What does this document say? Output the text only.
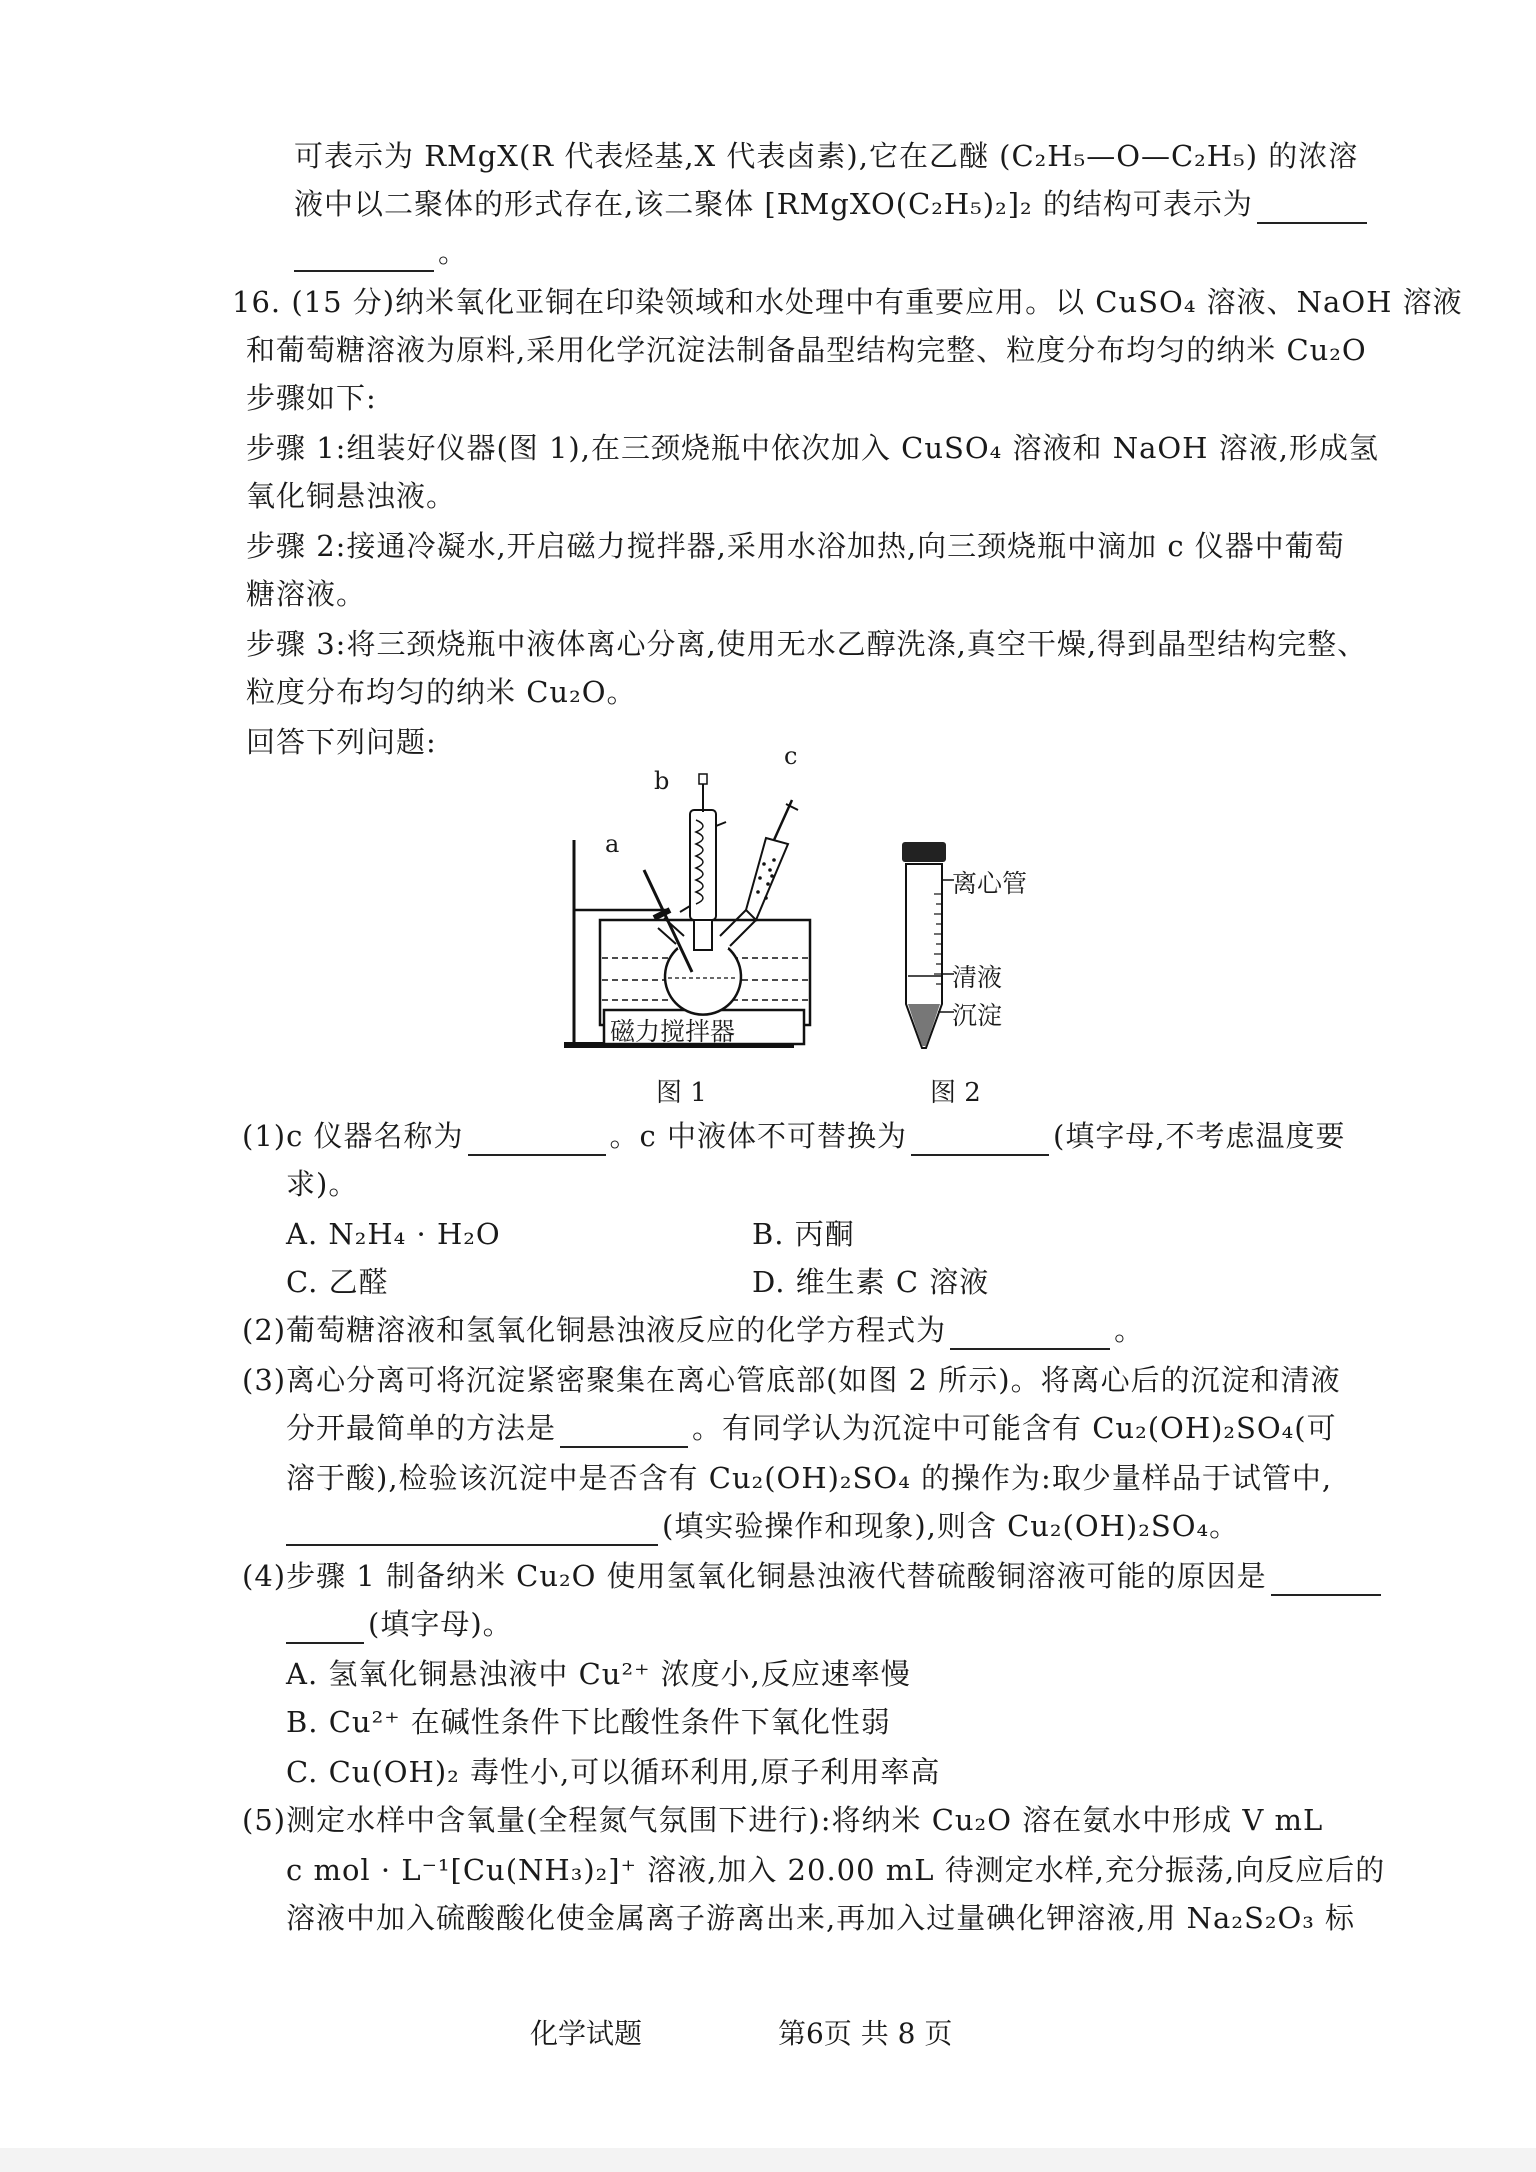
可表示为 RMgX(R 代表烃基,X 代表卤素),它在乙醚 (C₂H₅—O—C₂H₅) 的浓溶
液中以二聚体的形式存在,该二聚体 [RMgXO(C₂H₅)₂]₂ 的结构可表示为
。
16. (15 分)纳米氧化亚铜在印染领域和水处理中有重要应用。以 CuSO₄ 溶液、NaOH 溶液
和葡萄糖溶液为原料,采用化学沉淀法制备晶型结构完整、粒度分布均匀的纳米 Cu₂O
步骤如下:
步骤 1:组装好仪器(图 1),在三颈烧瓶中依次加入 CuSO₄ 溶液和 NaOH 溶液,形成氢
氧化铜悬浊液。
步骤 2:接通冷凝水,开启磁力搅拌器,采用水浴加热,向三颈烧瓶中滴加 c 仪器中葡萄
糖溶液。
步骤 3:将三颈烧瓶中液体离心分离,使用无水乙醇洗涤,真空干燥,得到晶型结构完整、
粒度分布均匀的纳米 Cu₂O。
回答下列问题:
b
c
a
磁力搅拌器
图 1
离心管
清液
沉淀
图 2
(1)c 仪器名称为	。c 中液体不可替换为	(填字母,不考虑温度要
求)。
A. N₂H₄ · H₂O	B. 丙酮
C. 乙醛	D. 维生素 C 溶液
(2)葡萄糖溶液和氢氧化铜悬浊液反应的化学方程式为	。
(3)离心分离可将沉淀紧密聚集在离心管底部(如图 2 所示)。将离心后的沉淀和清液
分开最简单的方法是	。有同学认为沉淀中可能含有 Cu₂(OH)₂SO₄(可
溶于酸),检验该沉淀中是否含有 Cu₂(OH)₂SO₄ 的操作为:取少量样品于试管中,
(填实验操作和现象),则含 Cu₂(OH)₂SO₄。
(4)步骤 1 制备纳米 Cu₂O 使用氢氧化铜悬浊液代替硫酸铜溶液可能的原因是
(填字母)。
A. 氢氧化铜悬浊液中 Cu²⁺ 浓度小,反应速率慢
B. Cu²⁺ 在碱性条件下比酸性条件下氧化性弱
C. Cu(OH)₂ 毒性小,可以循环利用,原子利用率高
(5)测定水样中含氧量(全程氮气氛围下进行):将纳米 Cu₂O 溶在氨水中形成 V mL
c mol · L⁻¹[Cu(NH₃)₂]⁺ 溶液,加入 20.00 mL 待测定水样,充分振荡,向反应后的
溶液中加入硫酸酸化使金属离子游离出来,再加入过量碘化钾溶液,用 Na₂S₂O₃ 标
化学试题	第6页 共 8 页
